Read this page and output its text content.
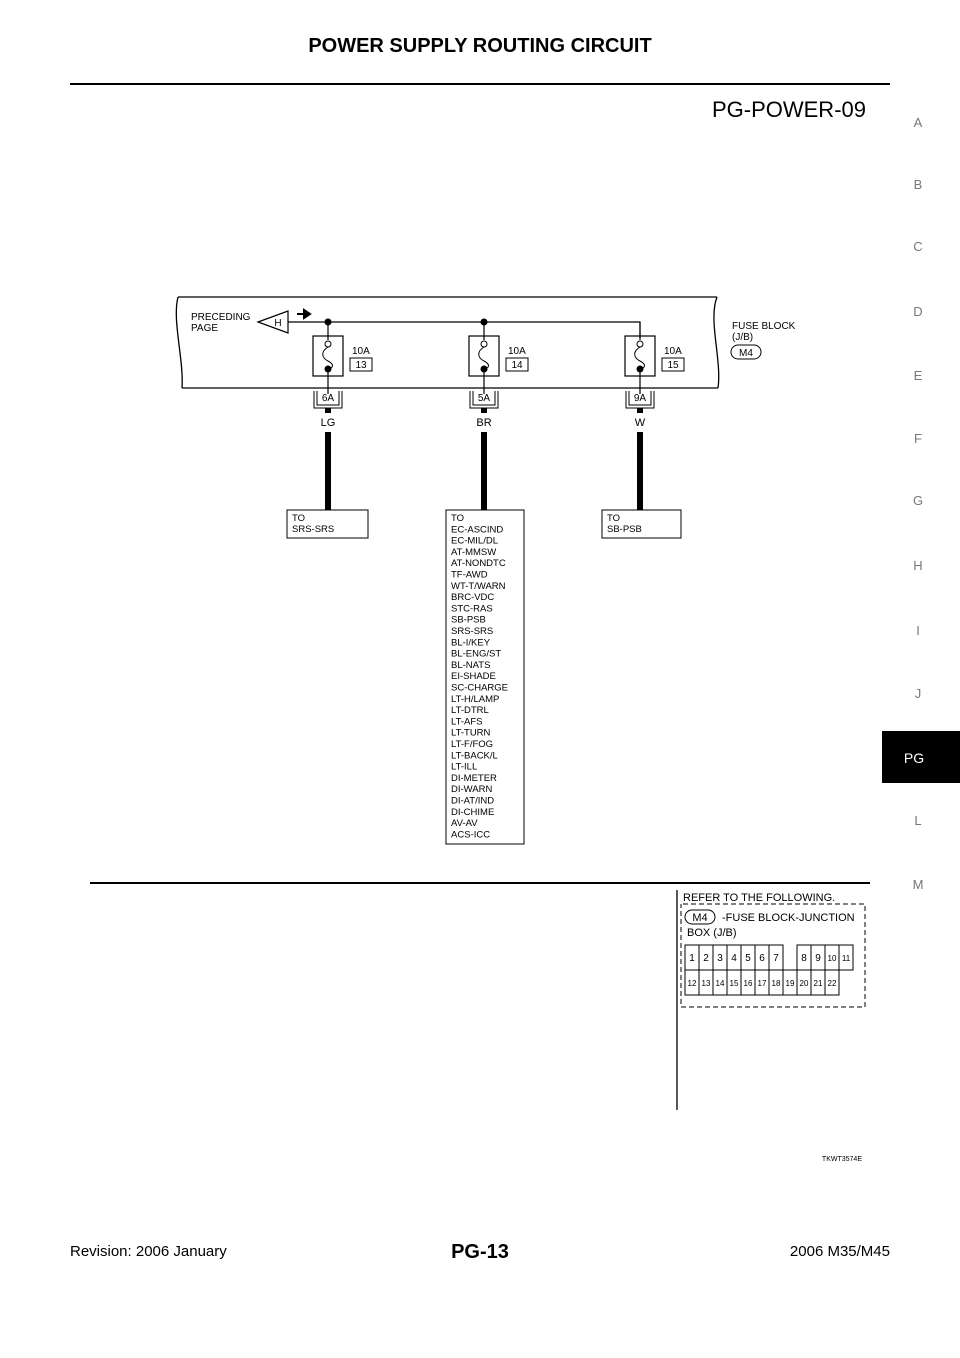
POWER SUPPLY ROUTING CIRCUIT
PG-POWER-09
A
B
C
D
E
F
G
H
I
J
PG
L
M
PRECEDING
PAGE	H	FUSE BLOCK
(J/B)
M4
10A
13
6A
LG
10A
14
5A
BR
10A
15
9A
W
TO
SRS-SRS
TO
SB-PSB
TO
EC-ASCIND
EC-MIL/DL
AT-MMSW
AT-NONDTC
TF-AWD
WT-T/WARN
BRC-VDC
STC-RAS
SB-PSB
SRS-SRS
BL-I/KEY
BL-ENG/ST
BL-NATS
EI-SHADE
SC-CHARGE
LT-H/LAMP
LT-DTRL
LT-AFS
LT-TURN
LT-F/FOG
LT-BACK/L
LT-ILL
DI-METER
DI-WARN
DI-AT/IND
DI-CHIME
AV-AV
ACS-ICC
REFER TO THE FOLLOWING.
M4 -FUSE BLOCK-JUNCTION
BOX (J/B)
1 2 3 4 5 6 7 8 9 10 11
12 13 14 15 16 17 18 19 20 21 22
TKWT3574E
Revision: 2006 January	PG-13	2006 M35/M45
